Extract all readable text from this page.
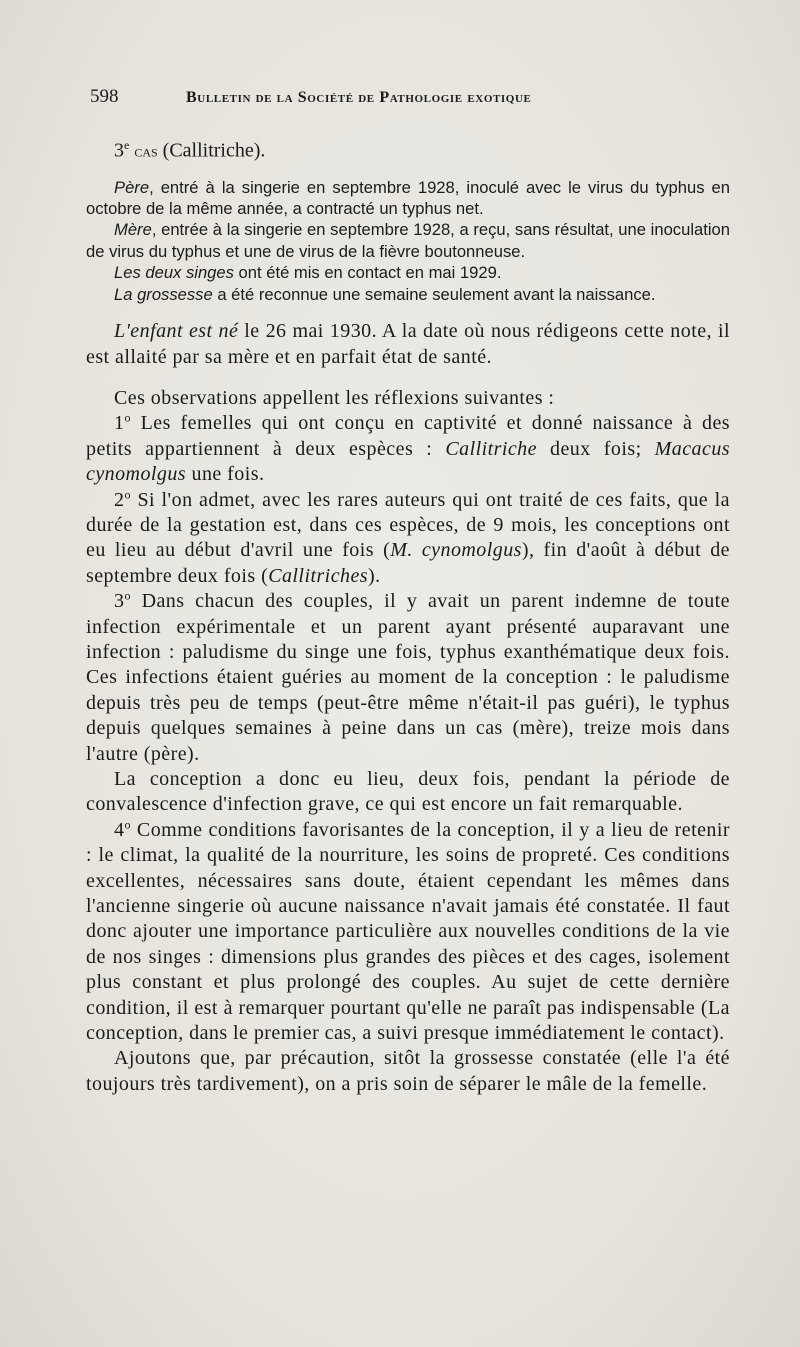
598	Bulletin de la Société de Pathologie exotique
3e cas (Callitriche).

Père, entré à la singerie en septembre 1928, inoculé avec le virus du typhus en octobre de la même année, a contracté un typhus net.

Mère, entrée à la singerie en septembre 1928, a reçu, sans résultat, une inoculation de virus du typhus et une de virus de la fièvre boutonneuse.

Les deux singes ont été mis en contact en mai 1929.

La grossesse a été reconnue une semaine seulement avant la naissance.

L'enfant est né le 26 mai 1930. A la date où nous rédigeons cette note, il est allaité par sa mère et en parfait état de santé.

Ces observations appellent les réflexions suivantes :

1$^o$ Les femelles qui ont conçu en captivité et donné naissance à des petits appartiennent à deux espèces : Callitriche deux fois; Macacus cynomolgus une fois.

2$^o$ Si l'on admet, avec les rares auteurs qui ont traité de ces faits, que la durée de la gestation est, dans ces espèces, de 9 mois, les conceptions ont eu lieu au début d'avril une fois (M. cynomolgus), fin d'août à début de septembre deux fois (Callitriches).

3$^o$ Dans chacun des couples, il y avait un parent indemne de toute infection expérimentale et un parent ayant présenté auparavant une infection : paludisme du singe une fois, typhus exanthématique deux fois. Ces infections étaient guéries au moment de la conception : le paludisme depuis très peu de temps (peut-être même n'était-il pas guéri), le typhus depuis quelques semaines à peine dans un cas (mère), treize mois dans l'autre (père).

La conception a donc eu lieu, deux fois, pendant la période de convalescence d'infection grave, ce qui est encore un fait remarquable.

4$^o$ Comme conditions favorisantes de la conception, il y a lieu de retenir : le climat, la qualité de la nourriture, les soins de propreté. Ces conditions excellentes, nécessaires sans doute, étaient cependant les mêmes dans l'ancienne singerie où aucune naissance n'avait jamais été constatée. Il faut donc ajouter une importance particulière aux nouvelles conditions de la vie de nos singes : dimensions plus grandes des pièces et des cages, isolement plus constant et plus prolongé des couples. Au sujet de cette dernière condition, il est à remarquer pourtant qu'elle ne paraît pas indispensable (La conception, dans le premier cas, a suivi presque immédiatement le contact).

Ajoutons que, par précaution, sitôt la grossesse constatée (elle l'a été toujours très tardivement), on a pris soin de séparer le mâle de la femelle.
